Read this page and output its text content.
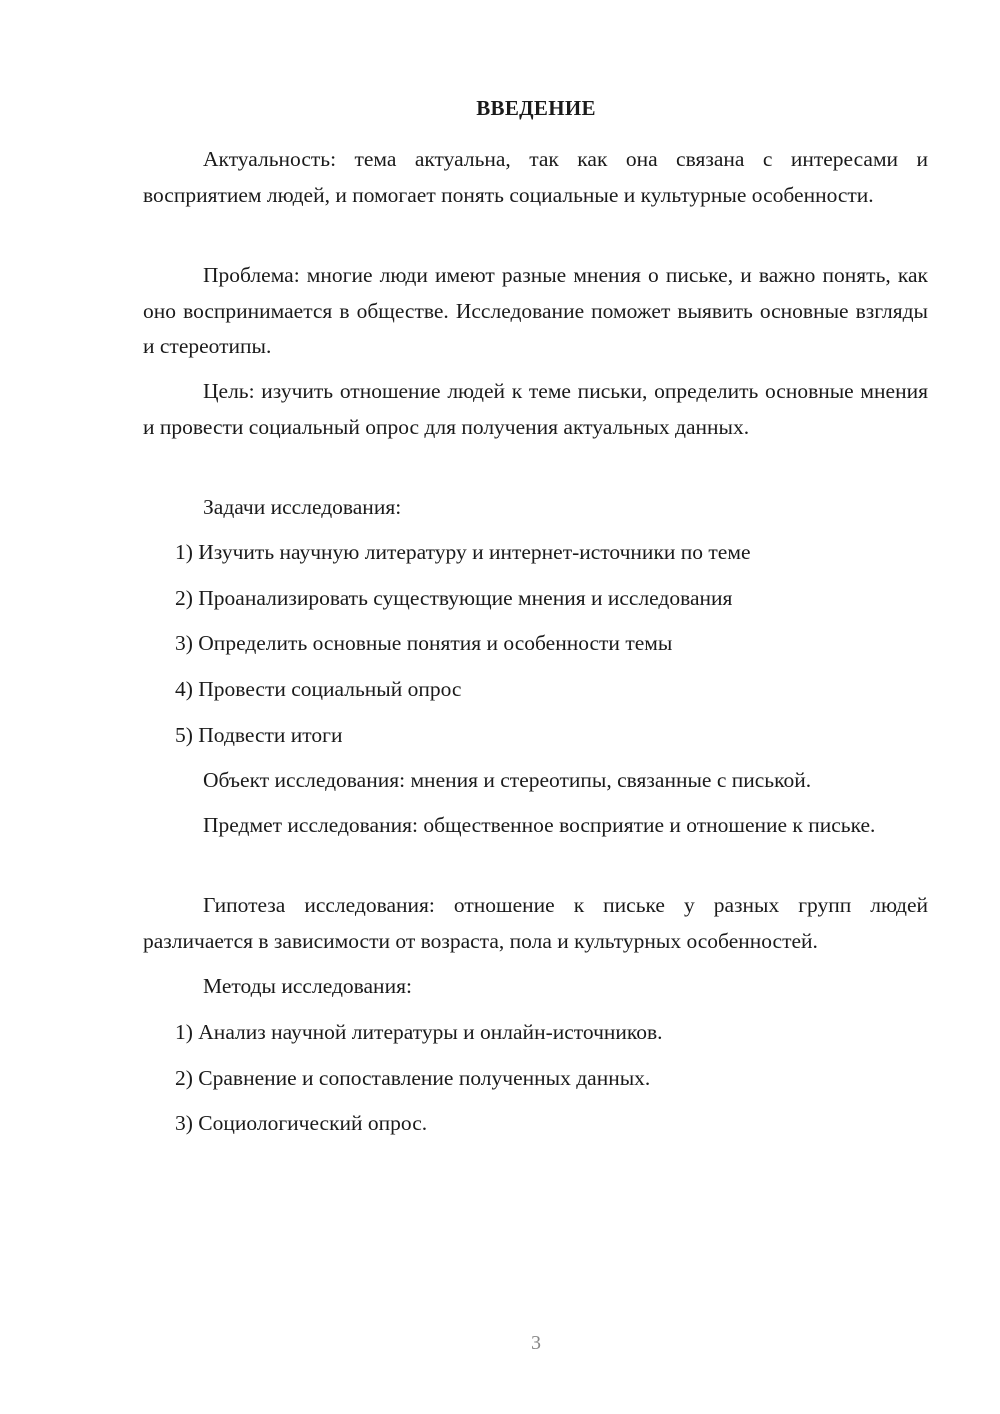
ВВЕДЕНИЕ

Актуальность: тема актуальна, так как она связана с интересами и восприятием людей, и помогает понять социальные и культурные особенности.

Проблема: многие люди имеют разные мнения о письке, и важно понять, как оно воспринимается в обществе. Исследование поможет выявить основные взгляды и стереотипы.

Цель: изучить отношение людей к теме письки, определить основные мнения и провести социальный опрос для получения актуальных данных.

Задачи исследования:

1) Изучить научную литературу и интернет-источники по теме

2) Проанализировать существующие мнения и исследования

3) Определить основные понятия и особенности темы

4) Провести социальный опрос

5) Подвести итоги

Объект исследования: мнения и стереотипы, связанные с писькой.

Предмет исследования: общественное восприятие и отношение к письке.

Гипотеза исследования: отношение к письке у разных групп людей различается в зависимости от возраста, пола и культурных особенностей.

Методы исследования:

1) Анализ научной литературы и онлайн-источников.

2) Сравнение и сопоставление полученных данных.

3) Социологический опрос.

3
